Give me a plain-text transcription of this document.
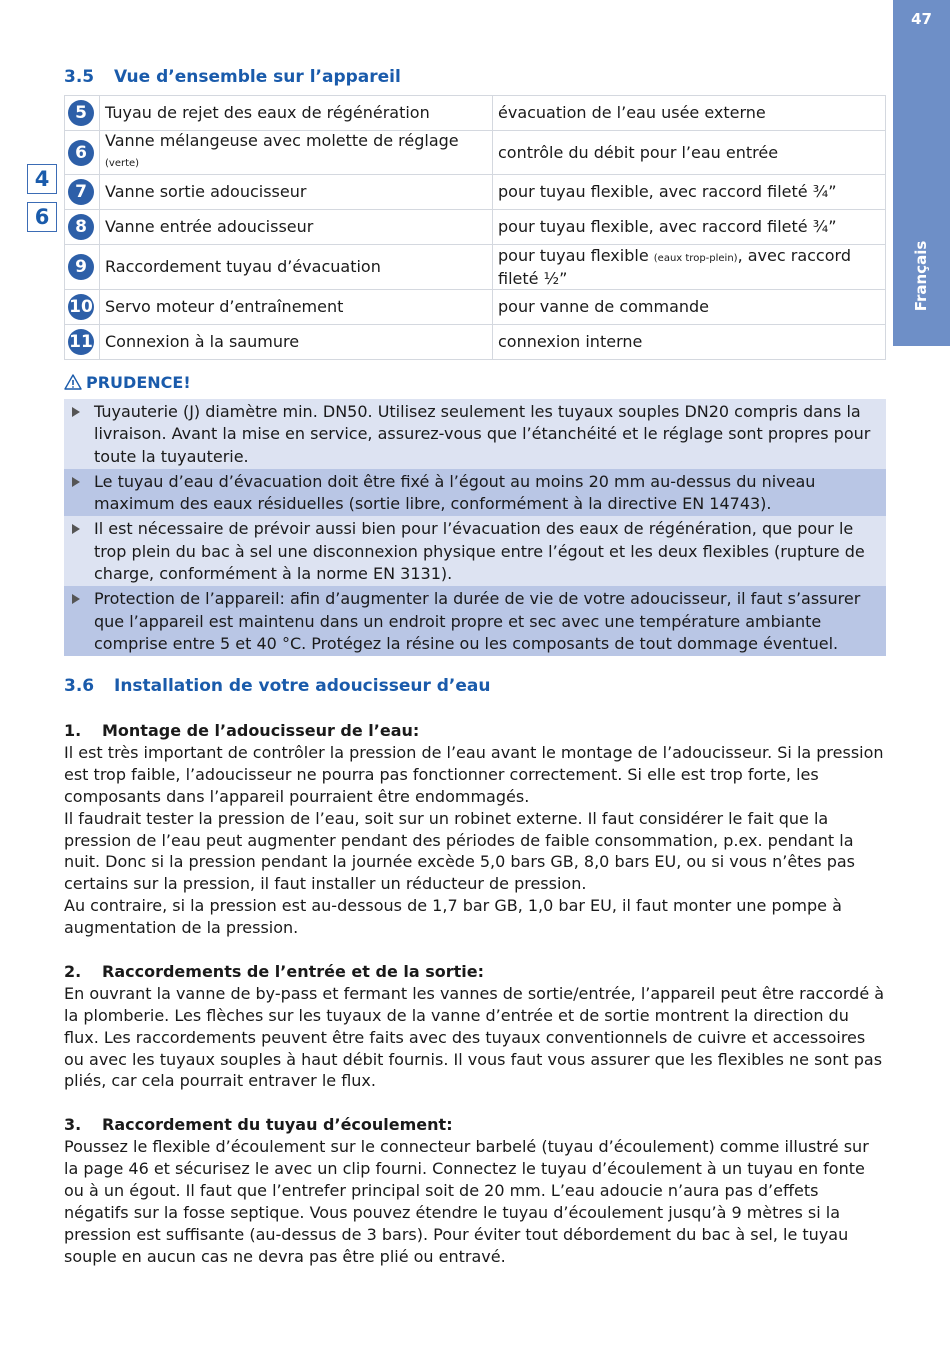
47
Français
3.5 Vue d’ensemble sur l’appareil
4
6
5	Tuyau de rejet des eaux de régénération	évacuation de l’eau usée externe
6	Vanne mélangeuse avec molette de réglage (verte)	contrôle du débit pour l’eau entrée
7	Vanne sortie adoucisseur	pour tuyau flexible, avec raccord fileté ¾”
8	Vanne entrée adoucisseur	pour tuyau flexible, avec raccord fileté ¾”
9	Raccordement tuyau d’évacuation	pour tuyau flexible (eaux trop-plein), avec raccord fileté ½”
10	Servo moteur d’entraînement	pour vanne de commande
11	Connexion à la saumure	connexion interne
PRUDENCE!
Tuyauterie (J) diamètre min. DN50. Utilisez seulement les tuyaux souples DN20 compris dans la livraison. Avant la mise en service, assurez-vous que l’étanchéité et le réglage sont propres pour toute la tuyauterie.
Le tuyau d’eau d’évacuation doit être fixé à l’égout au moins 20 mm au-dessus du niveau maximum des eaux résiduelles (sortie libre, conformément à la directive EN 14743).
Il est nécessaire de prévoir aussi bien pour l’évacuation des eaux de régénération, que pour le trop plein du bac à sel une disconnexion physique entre l’égout et les deux flexibles (rupture de charge, conformément à la norme EN 3131).
Protection de l’appareil: afin d’augmenter la durée de vie de votre adoucisseur, il faut s’assurer que l’appareil est maintenu dans un endroit propre et sec avec une température ambiante comprise entre 5 et 40 °C. Protégez la résine ou les composants de tout dommage éventuel.
3.6 Installation de votre adoucisseur d’eau
1. Montage de l’adoucisseur de l’eau:

Il est très important de contrôler la pression de l’eau avant le montage de l’adoucisseur. Si la pression est trop faible, l’adoucisseur ne pourra pas fonctionner correctement. Si elle est trop forte, les composants dans l’appareil pourraient être endommagés.

Il faudrait tester la pression de l’eau, soit sur un robinet externe. Il faut considérer le fait que la pression de l’eau peut augmenter pendant des périodes de faible consommation, p.ex. pendant la nuit. Donc si la pression pendant la journée excède 5,0 bars GB, 8,0 bars EU, ou si vous n’êtes pas certains sur la pression, il faut installer un réducteur de pression.

Au contraire, si la pression est au-dessous de 1,7 bar GB, 1,0 bar EU, il faut monter une pompe à augmentation de la pression.

2. Raccordements de l’entrée et de la sortie:

En ouvrant la vanne de by-pass et fermant les vannes de sortie/entrée, l’appareil peut être raccordé à la plomberie. Les flèches sur les tuyaux de la vanne d’entrée et de sortie montrent la direction du flux. Les raccordements peuvent être faits avec des tuyaux conventionnels de cuivre et accessoires ou avec les tuyaux souples à haut débit fournis. Il vous faut vous assurer que les flexibles ne sont pas pliés, car cela pourrait entraver le flux.

3. Raccordement du tuyau d’écoulement:

Poussez le flexible d’écoulement sur le connecteur barbelé (tuyau d’écoulement) comme illustré sur la page 46 et sécurisez le avec un clip fourni. Connectez le tuyau d’écoulement à un tuyau en fonte ou à un égout. Il faut que l’entrefer principal soit de 20 mm. L’eau adoucie n’aura pas d’effets négatifs sur la fosse septique. Vous pouvez étendre le tuyau d’écoulement jusqu’à 9 mètres si la pression est suffisante (au-dessus de 3 bars). Pour éviter tout débordement du bac à sel, le tuyau souple en aucun cas ne devra pas être plié ou entravé.
